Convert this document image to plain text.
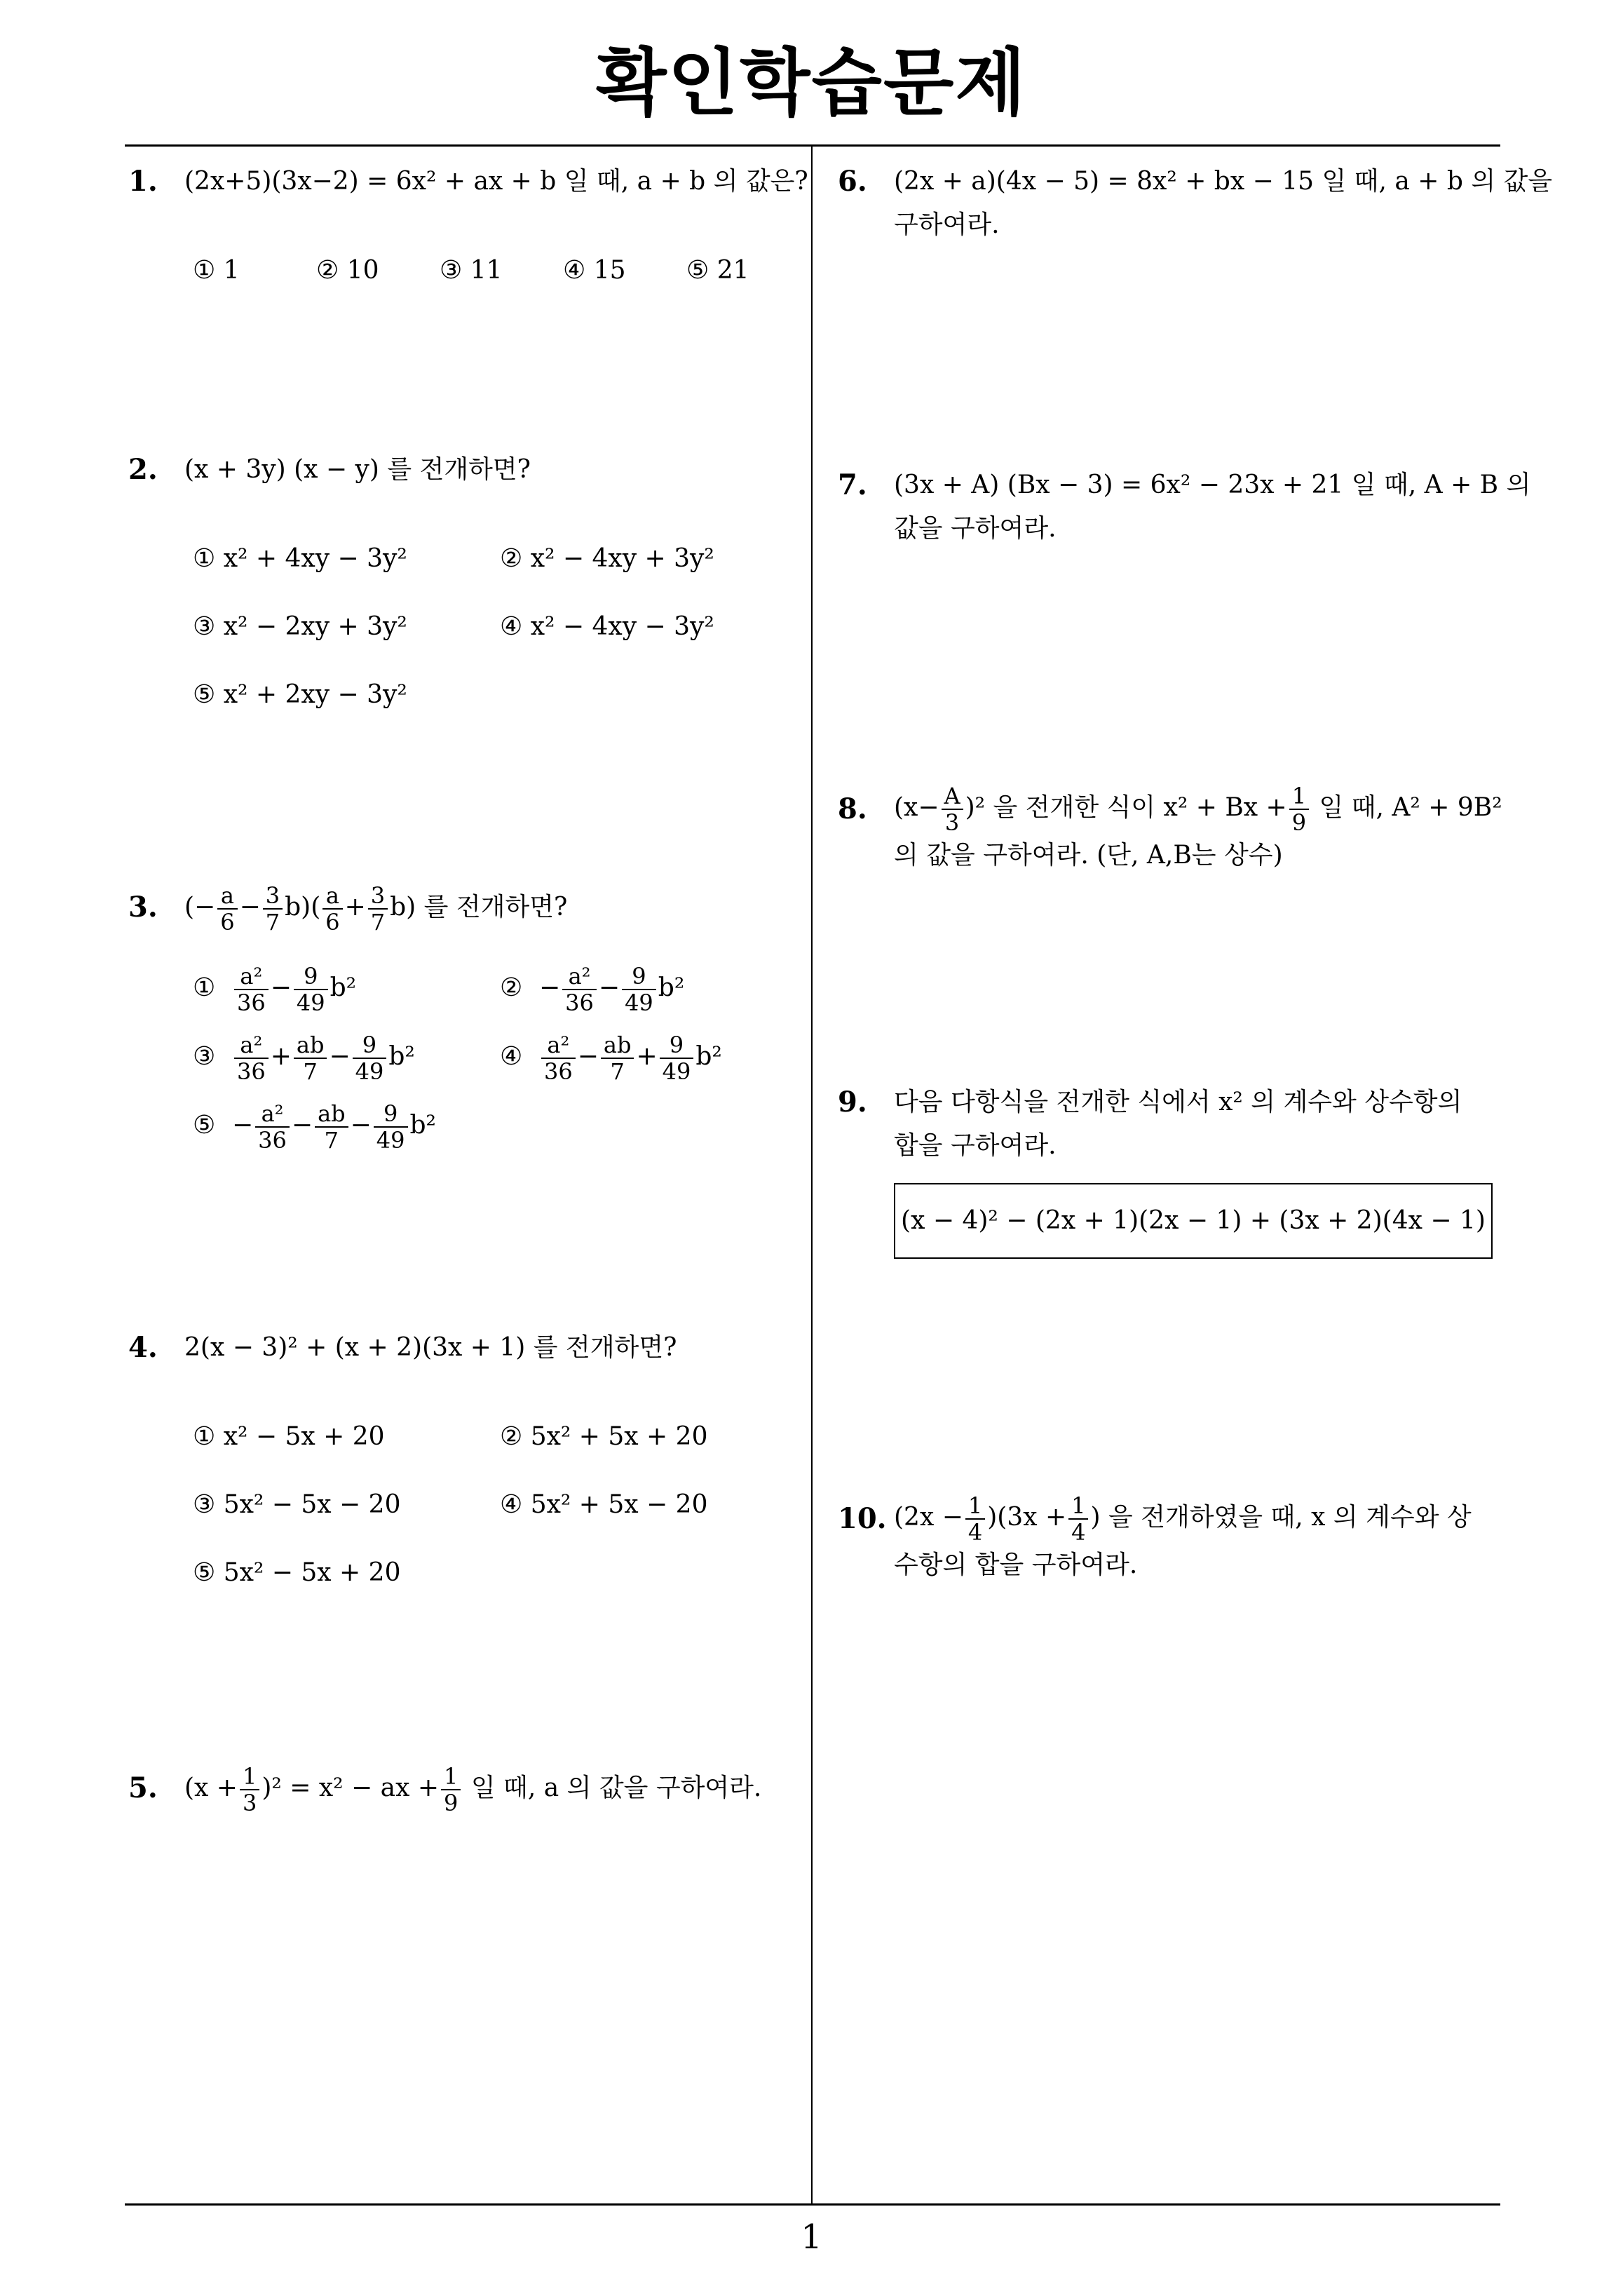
확인학습문제
1. (2x+5)(3x−2) = 6x² + ax + b 일 때, a + b 의 값은?
① 1	② 10 ③ 11 ④ 15 ⑤ 21
2. (x + 3y) (x − y) 를 전개하면?
① x² + 4xy − 3y²	② x² − 4xy + 3y²
③ x² − 2xy + 3y²	④ x² − 4xy − 3y²
⑤ x² + 2xy − 3y²
3. (− $\frac{a}{6} - \frac{3}{7} b)( \frac{a}{6} + \frac{3}{7} b)$ 를 전개하면?
① $\frac{\text{a²}}{36} - \frac{9}{49} b^2$	② − $\frac{\text{a²}}{36} - \frac{9}{49} b^2$
③ $\frac{\text{a²}}{36} + \frac{ab}{7} - \frac{9}{49} b^2$	④ $\frac{\text{a²}}{36} - \frac{ab}{7} + \frac{9}{49} b^2$
⑤ − $\frac{\text{a²}}{36} - \frac{ab}{7} - \frac{9}{49} b^2$
4. 2(x − 3)² + (x + 2)(3x + 1) 를 전개하면?
① x² − 5x + 20	② 5x² + 5x + 20
③ 5x² − 5x − 20	④ 5x² + 5x − 20
⑤ 5x² − 5x + 20
5. $(x + \frac{1}{3} )^2 = x^2$ − ax + $\frac{1}{9}$ 일 때, a 의 값을 구하여라.
6. (2x + a)(4x − 5) = 8x² + bx − 15 일 때, a + b 의 값을
구하여라.
7. (3x + A) (Bx − 3) = 6x² − 23x + 21 일 때, A + B 의
값을 구하여라.
8. $(x- \frac{A}{3} )^2$ 을 전개한 식이 $x^2 + Bx + \frac{1}{9}$ 일 때, A² + 9B²
의 값을 구하여라. (단, A,B는 상수)
9. 다음 다항식을 전개한 식에서 x² 의 계수와 상수항의
합을 구하여라.
(x − 4)² − (2x + 1)(2x − 1) + (3x + 2)(4x − 1)
10. $(2x - \frac{1}{4} )(3x + \frac{1}{4}$ ) 을 전개하였을 때, x 의 계수와 상
수항의 합을 구하여라.
1
